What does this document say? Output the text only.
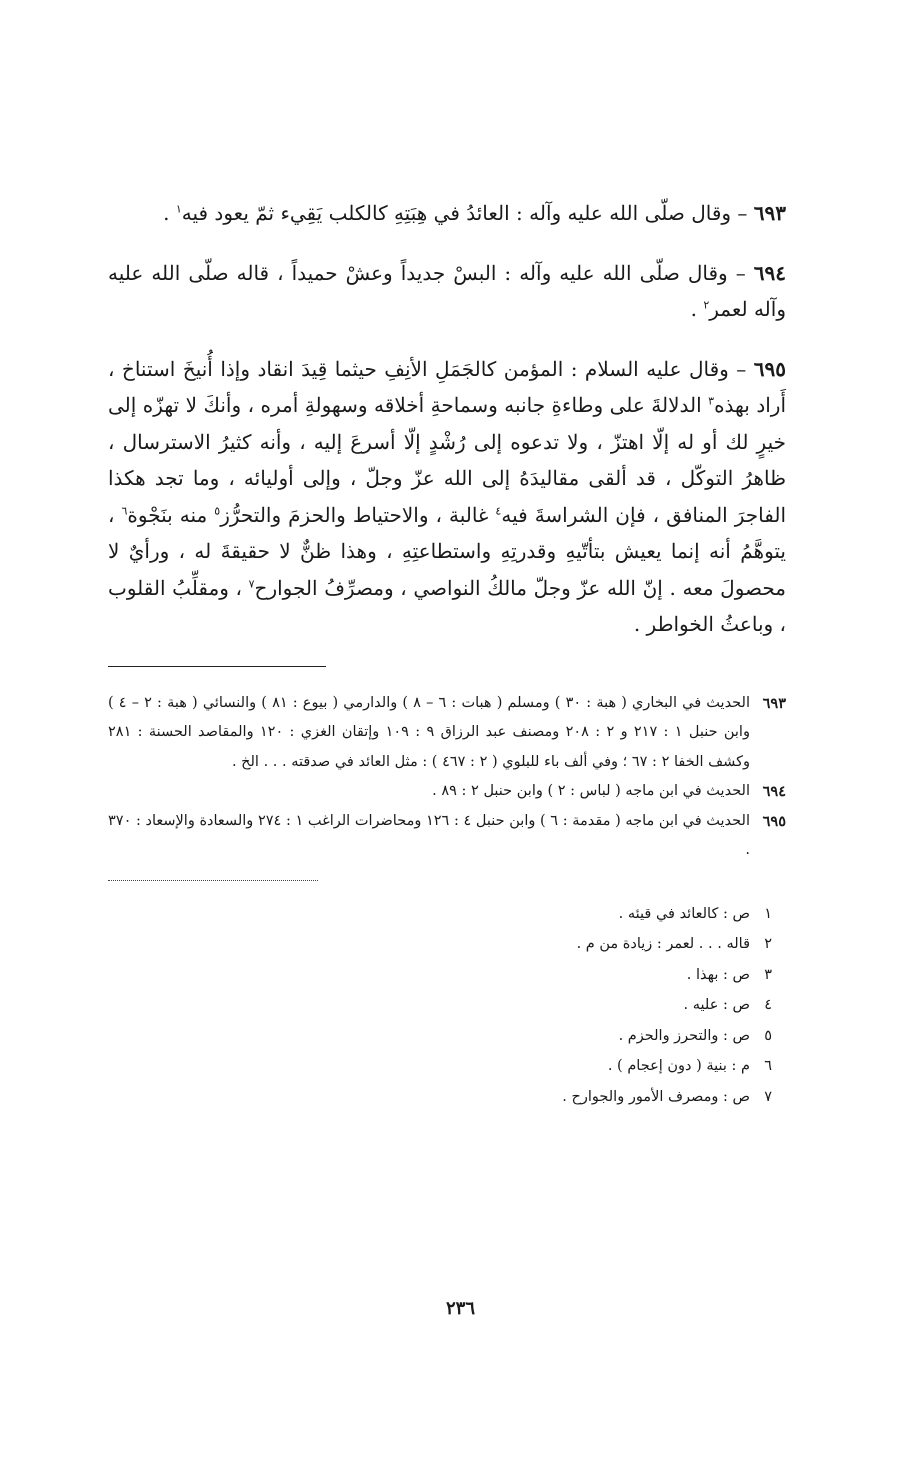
٦٩٣ – وقال صلّى الله عليه وآله : العائدُ في هِبَتِهِ كالكلب يَقِيء ثمّ يعود فيه$^١$ .

٦٩٤ – وقال صلّى الله عليه وآله : البسْ جديداً وعشْ حميداً ، قاله صلّى الله عليه وآله لعمر$^٢$ .

٦٩٥ – وقال عليه السلام : المؤمن كالجَمَلِ الأنِفِ حيثما قِيدَ انقاد وإذا أُنيخَ استناخ ، أَراد بهذه$^٣$ الدلالةَ على وطاءةِ جانبه وسماحةِ أخلاقه وسهولةِ أمره ، وأنكَ لا تهزّه إلى خيرٍ لك أو له إلّا اهتزّ ، ولا تدعوه إلى رُشْدٍ إلّا أسرعَ إليه ، وأنه كثيرُ الاسترسال ، ظاهرُ التوكّل ، قد ألقى مقاليدَهُ إلى الله عزّ وجلّ ، وإلى أوليائه ، وما تجد هكذا الفاجرَ المنافق ، فإن الشراسةَ فيه$^٤$ غالبة ، والاحتياط والحزمَ والتحرُّز$^٥$ منه بنَجْوة$^٦$ ، يتوهَّمُ أنه إنما يعيش بتأتّيهِ وقدرتِهِ واستطاعتِهِ ، وهذا ظنٌّ لا حقيقةَ له ، ورأيٌ لا محصولَ معه . إنّ الله عزّ وجلّ مالكُ النواصي ، ومصرِّفُ الجوارح$^٧$ ، ومقلِّبُ القلوب ، وباعثُ الخواطر .

٦٩٣
الحديث في البخاري ( هبة : ٣٠ ) ومسلم ( هبات : ٦ – ٨ ) والدارمي ( بيوع : ٨١ ) والنسائي ( هبة : ٢ – ٤ ) وابن حنبل ١ : ٢١٧ و ٢ : ٢٠٨ ومصنف عبد الرزاق ٩ : ١٠٩ وإتقان الغزي : ١٢٠ والمقاصد الحسنة : ٢٨١ وكشف الخفا ٢ : ٦٧ ؛ وفي ألف باء للبلوي ( ٢ : ٤٦٧ ) : مثل العائد في صدقته . . . الخ .

٦٩٤
الحديث في ابن ماجه ( لباس : ٢ ) وابن حنبل ٢ : ٨٩ .

٦٩٥
الحديث في ابن ماجه ( مقدمة : ٦ ) وابن حنبل ٤ : ١٢٦ ومحاضرات الراغب ١ : ٢٧٤ والسعادة والإسعاد : ٣٧٠ .

١
ص : كالعائد في قيئه .

٢
قاله . . . لعمر : زيادة من م .

٣
ص : بهذا .

٤
ص : عليه .

٥
ص : والتحرز والحزم .

٦
م : بنية ( دون إعجام ) .

٧
ص : ومصرف الأمور والجوارح .

٢٣٦
